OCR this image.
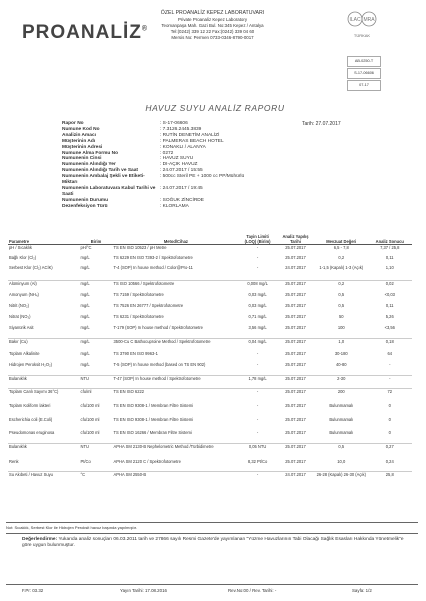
PROANALİZ®
ÖZEL PROANALİZ KEPEZ LABORATUVARI
Private Proanaliz Kepez Laboratory
Teomanpaşa Mah. Gazi Bul. No:345 Kepez / Antalya
Tel:(0242) 339 12 22 Fax:(0242) 339 04 60
Mersis No: Permen 0733-0346-8790-0017
ILAC MRA
TÜRKAK
AB-0250-T
S-17-06606
07-17
HAVUZ SUYU ANALİZ RAPORU
Rapor No	: S-17-06606
Numune Kod No	: 7.3126.2445.3839
Analizin Amacı	: RUTİN DENETİM ANALİZİ
Müşterinin Adı	: PALMERAS BEACH HOTEL
Müşterinin Adresi	: KONAKLI / ALANYA
Numune Alma Formu No	: 0272
Numunenin Cinsi	: HAVUZ SUYU
Numunenin Alındığı Yer	: DI-AÇIK HAVUZ
Numunenin Alındığı Tarih ve Saat	: 24.07.2017 / 15:55
Numunenin Ambalaj Şekli ve Etiketi-Miktarı: 500cc Steril PE + 1000 cc PP/Mühürlü
Numunenin Laboratuvara Kabul Tarihi ve Saati: 24.07.2017 / 19:45
Numunenin Durumu	: SOĞUK ZİNCİRDE
Dezenfeksiyon Türü	: KLORLAMA
Tarih: 27.07.2017
Parametre	Birim	Metod/Cihaz	Tayin Limiti (LOQ) (Birim)	Analiz Yapılış Tarihi	Mevzuat Değeri	Analiz Sonucu
pH / Sıcaklık	pH/°C	TS EN ISO 10523 / pH Metre	-	25.07.2017	6,5 - 7,8	7,37 / 25,8
Bağlı Klor (Cl₂)	mg/L	TS 6229 EN ISO 7393-2 / Spektrofotometre	-	25.07.2017	0,2	0,11
Serbest Klor (Cl₂) ACİK)	mg/L	T-4 (SOP) In house method / Color@Pro-11	-	24.07.2017	1-1,5 (Kapalı) 1-3 (Açık)	1,10
Alüminyum (Al)	mg/L	TS ISO 10566 / Spektrofotometre	0,008 mg/L	25.07.2017	0,2	0,02
Amonyum (NH₄)	mg/L	TS 7159 / Spektrofotometre	0,03 mg/L	25.07.2017	0,5	<0,03
Nitrit (NO₂)	mg/L	TS 7526 EN 26777 / Spektrofotometre	0,03 mg/L	25.07.2017	0,5	0,11
Nitrat (NO₃)	mg/L	TS 6231 / Spektrofotometre	0,71 mg/L	25.07.2017	50	5,26
Siyanürik Asit	mg/L	T-179 (SOP) In house method / Spektrofotometre	3,56 mg/L	25.07.2017	100	<3,56
Bakır (Cu)	mg/L	3500-Cu C Bathocuproine Method / Spektrofotometre	0,04 mg/L	25.07.2017	1,0	0,18
Toplam Alkalinite	mg/L	TS 3790 EN ISO 9963-1	-	25.07.2017	30-180	64
Hidrojen Peroksit H₂O₂)	mg/L	T-5 (SOP) In house method (based on TS EN 902)	-	25.07.2017	40-80	-
Bulanıklık	NTU	T-47 (SOP) In house method / Spektrofotometre	1,78 mg/L	25.07.2017	2-30	-
Toplam Canlı Sayımı 36°C)	cfu/ml	TS EN ISO 6222	-	25.07.2017	200	72
Toplam Koliform lakteri	cfu/100 ml	TS EN ISO 9308-1 / Membran Filtre Sistemi	-	25.07.2017	Bulunmamalı	0
Escherichia coli (E.Coli)	cfu/100 ml	TS EN ISO 9308-1 / Membran Filtre Sistemi	-	25.07.2017	Bulunmamalı	0
Pseudomonas eruginosa	cfu/100 ml	TS EN ISO 16266 / Membran Filtre Sistemi	-	25.07.2017	Bulunmamalı	0
Bulanıklık	NTU	APHA SM 2130-B Nephelometric Method /Türbidimetre	0,05 NTU	25.07.2017	0,5	0,27
Renk	Pt/Co	APHA SM 2120 C / Spektrofotometre	8,32 Pt/Co	25.07.2017	10,0	0,24
Su Akıbeti / Havuz Suyu	°C	APHA SM 2550-B	-	24.07.2017	26-28 (Kapalı) 26-30 (Açık)	25,8
Not: Sıcaklık, Serbest Klor ile Hidrojen Peroksit havuz başında yapılmıştır.
Değerlendirme: Yukarıda analiz sonuçları 06.03.2011 tarih ve 27866 sayılı Resmi Gazete'de yayımlanan "Yüzme Havuzlarının Tabi Olacağı Sağlık Esasları Hakkında Yönetmelik"e göre uygun bulunmuştur.
F.Pr: 03.32	Yayın Tarihi: 17.08.2016	Rev.No:00 / Rev. Tarihi: -	Sayfa: 1/2
